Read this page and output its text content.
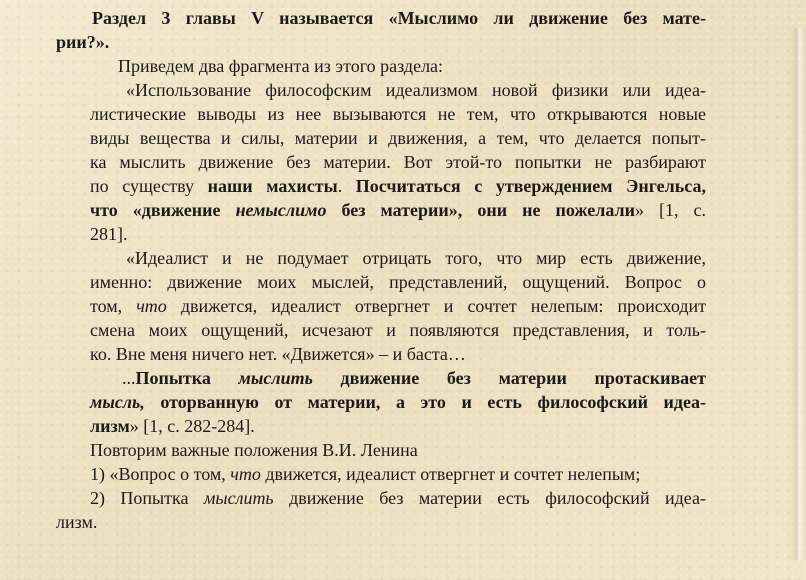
Раздел 3 главы V называется «Мыслимо ли движение без мате-
рии?».
Приведем два фрагмента из этого раздела:
«Использование философским идеализмом новой физики или идеа-
листические выводы из нее вызываются не тем, что открываются новые
виды вещества и силы, материи и движения, а тем, что делается попыт-
ка мыслить движение без материи. Вот этой-то попытки не разбирают
по существу наши махисты. Посчитаться с утверждением Энгельса,
что «движение немыслимо без материи», они не пожелали» [1, с.
281].
«Идеалист и не подумает отрицать того, что мир есть движение,
именно: движение моих мыслей, представлений, ощущений. Вопрос о
том, что движется, идеалист отвергнет и сочтет нелепым: происходит
смена моих ощущений, исчезают и появляются представления, и толь-
ко. Вне меня ничего нет. «Движется» – и баста…
...Попытка мыслить движение без материи протаскивает
мысль, оторванную от материи, а это и есть философский идеа-
лизм» [1, с. 282-284].
Повторим важные положения В.И. Ленина
1) «Вопрос о том, что движется, идеалист отвергнет и сочтет нелепым;
2) Попытка мыслить движение без материи есть философский идеа-
лизм.
